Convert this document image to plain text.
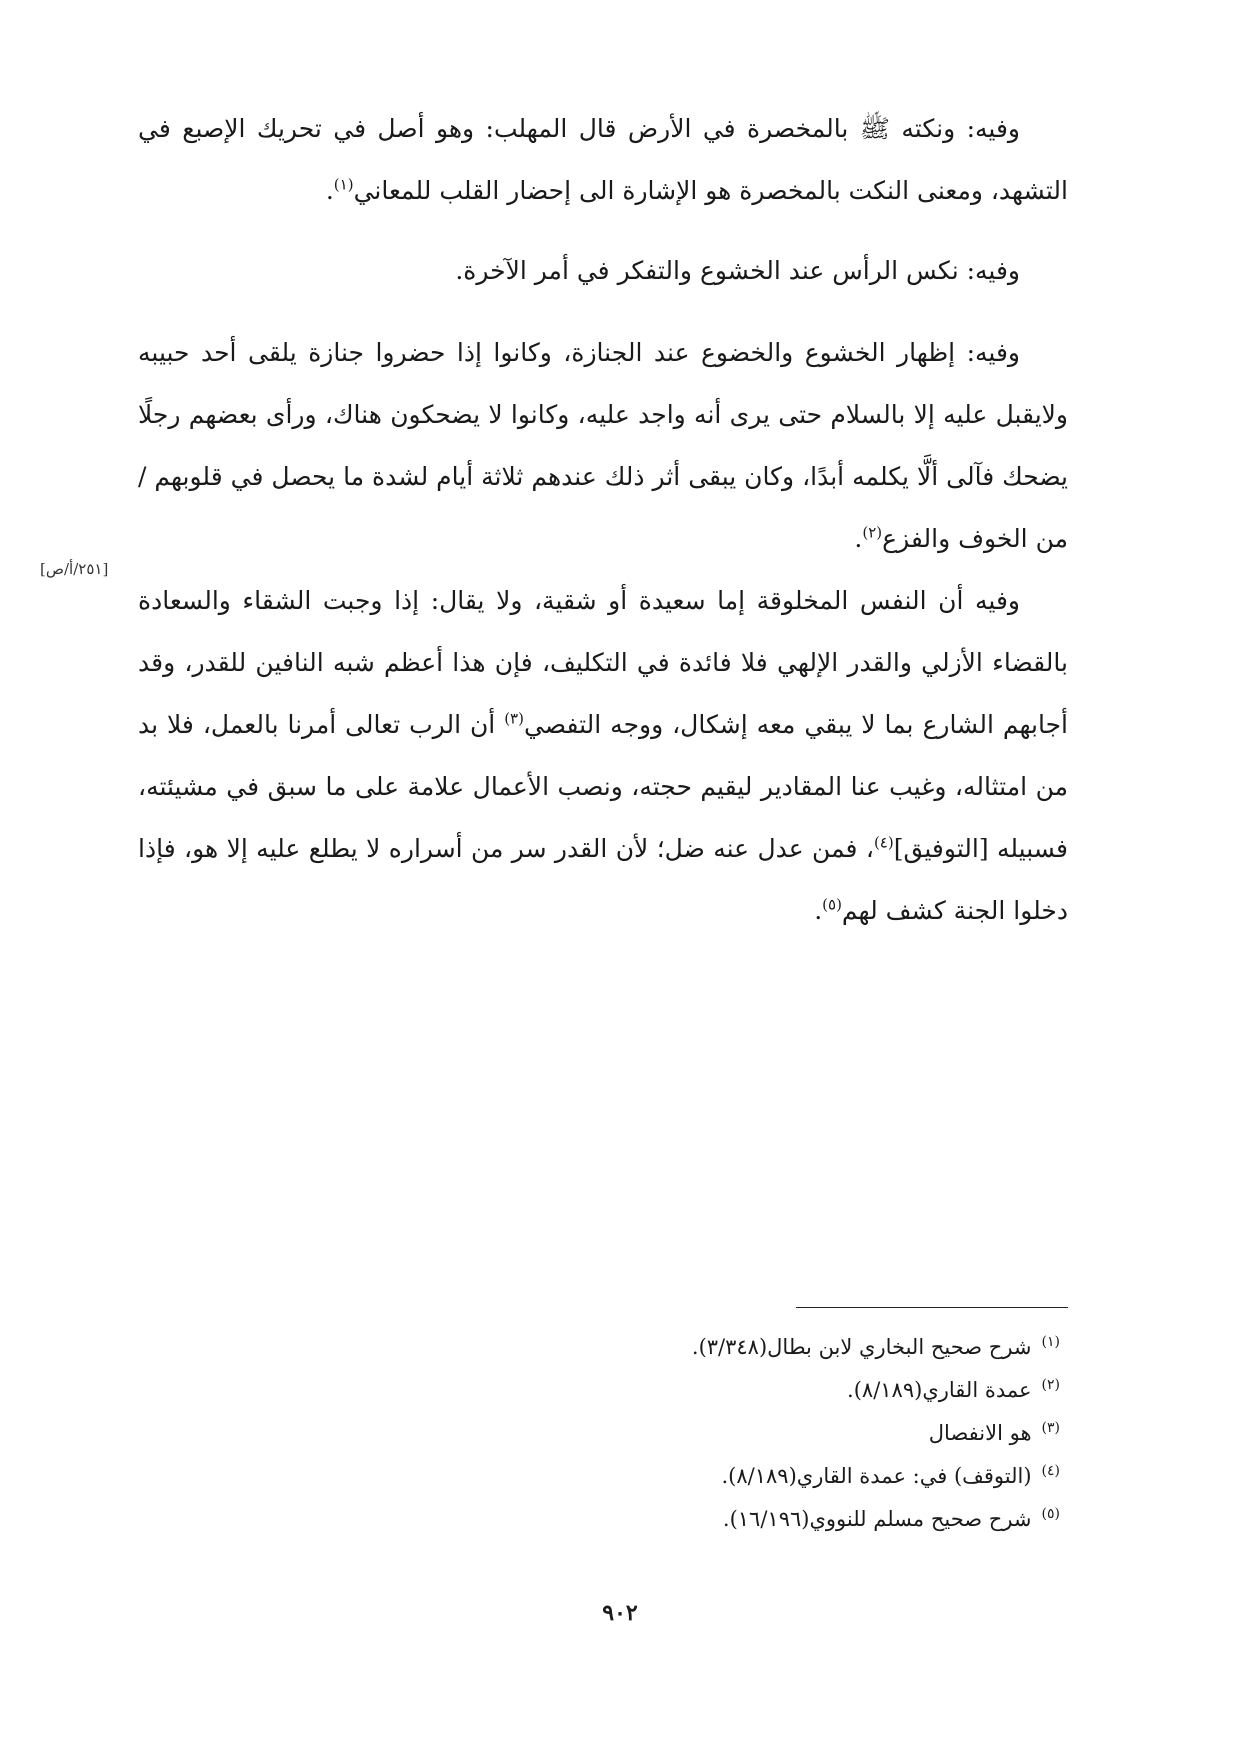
وفيه: ونكته ﷺ بالمخصرة في الأرض قال المهلب: وهو أصل في تحريك الإصبع في التشهد، ومعنى النكت بالمخصرة هو الإشارة الى إحضار القلب للمعاني$^{(١)}$.

وفيه: نكس الرأس عند الخشوع والتفكر في أمر الآخرة.

وفيه: إظهار الخشوع والخضوع عند الجنازة، وكانوا إذا حضروا جنازة يلقى أحد حبيبه ولايقبل عليه إلا بالسلام حتى يرى أنه واجد عليه، وكانوا لا يضحكون هناك، ورأى بعضهم رجلًا يضحك فآلى ألَّا يكلمه أبدًا، وكان يبقى أثر ذلك عندهم ثلاثة أيام لشدة ما يحصل في قلوبهم /من الخوف والفزع$^{(٢)}$.

وفيه أن النفس المخلوقة إما سعيدة أو شقية، ولا يقال: إذا وجبت الشقاء والسعادة بالقضاء الأزلي والقدر الإلهي فلا فائدة في التكليف، فإن هذا أعظم شبه النافين للقدر، وقد أجابهم الشارع بما لا يبقي معه إشكال، ووجه التفصي$^{(٣)}$ أن الرب تعالى أمرنا بالعمل، فلا بد من امتثاله، وغيب عنا المقادير ليقيم حجته، ونصب الأعمال علامة على ما سبق في مشيئته، فسبيله [التوفيق]$^{(٤)}$، فمن عدل عنه ضل؛ لأن القدر سر من أسراره لا يطلع عليه إلا هو، فإذا دخلوا الجنة كشف لهم$^{(٥)}$.

[٢٥١/أ/ص]

$^{(١)}$شرح صحيح البخاري لابن بطال(٣/٣٤٨).

$^{(٢)}$عمدة القاري(٨/١٨٩).

$^{(٣)}$هو الانفصال

$^{(٤)}$(التوقف) في: عمدة القاري(٨/١٨٩).

$^{(٥)}$شرح صحيح مسلم للنووي(١٦/١٩٦).

٩٠٢
